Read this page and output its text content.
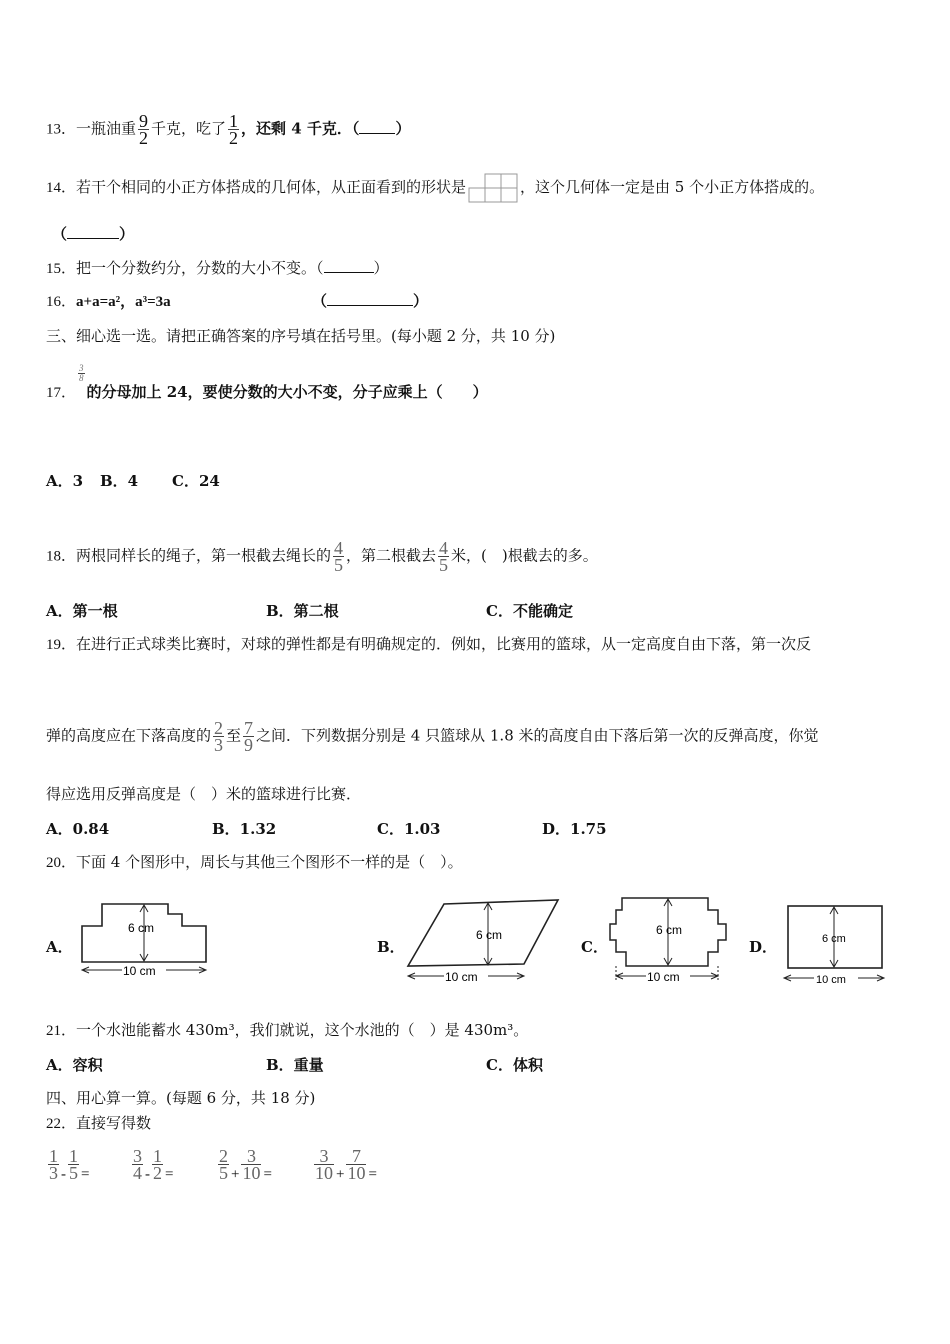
13．一瓶油重 $\frac{9}{2}$ 千克，吃了 $\frac{1}{2}$ ，还剩 4 千克．（ ）
14．若干个相同的小正方体搭成的几何体，从正面看到的形状是	，这个几何体一定是由 5 个小正方体搭成的。
（	）
15．把一个分数约分，分数的大小不变。（	）
16．a+a=a²，a³=3a	（	）
三、细心选一选。请把正确答案的序号填在括号里。(每小题 2 分，共 10 分)
17．
$\frac{3}{8}$
的分母加上 24，要使分数的大小不变，分子应乘上（　　）
A．3 B．4 C．24
18．两根同样长的绳子，第一根截去绳长的 $\frac{4}{5}$ ，第二根截去 $\frac{4}{5}$ 米，(　)根截去的多。
A．第一根	B．第二根	C．不能确定
19．在进行正式球类比赛时，对球的弹性都是有明确规定的．例如，比赛用的篮球，从一定高度自由下落，第一次反
弹的高度应在下落高度的 $\frac{2}{3}$ 至 $\frac{7}{9}$ 之间．下列数据分别是 4 只篮球从 1.8 米的高度自由下落后第一次的反弹高度，你觉
得应选用反弹高度是（　）米的篮球进行比赛．
A．0.84	B．1.32	C．1.03	D．1.75
20．下面 4 个图形中，周长与其他三个图形不一样的是（　）。
A．
6 cm
10 cm
B．
6 cm
10 cm
C．
6 cm
10 cm
D．	6 cm
10 cm
21．一个水池能蓄水 430m³，我们就说，这个水池的（　）是 430m³。
A．容积	B．重量	C．体积
四、用心算一算。(每题 6 分，共 18 分)
22．直接写得数
$\frac{1}{3} - \frac{1}{5} = \frac{3}{4} - \frac{1}{2} = \frac{2}{5} + \frac{3}{10} = \frac{3}{10} + \frac{7}{10}$ =
